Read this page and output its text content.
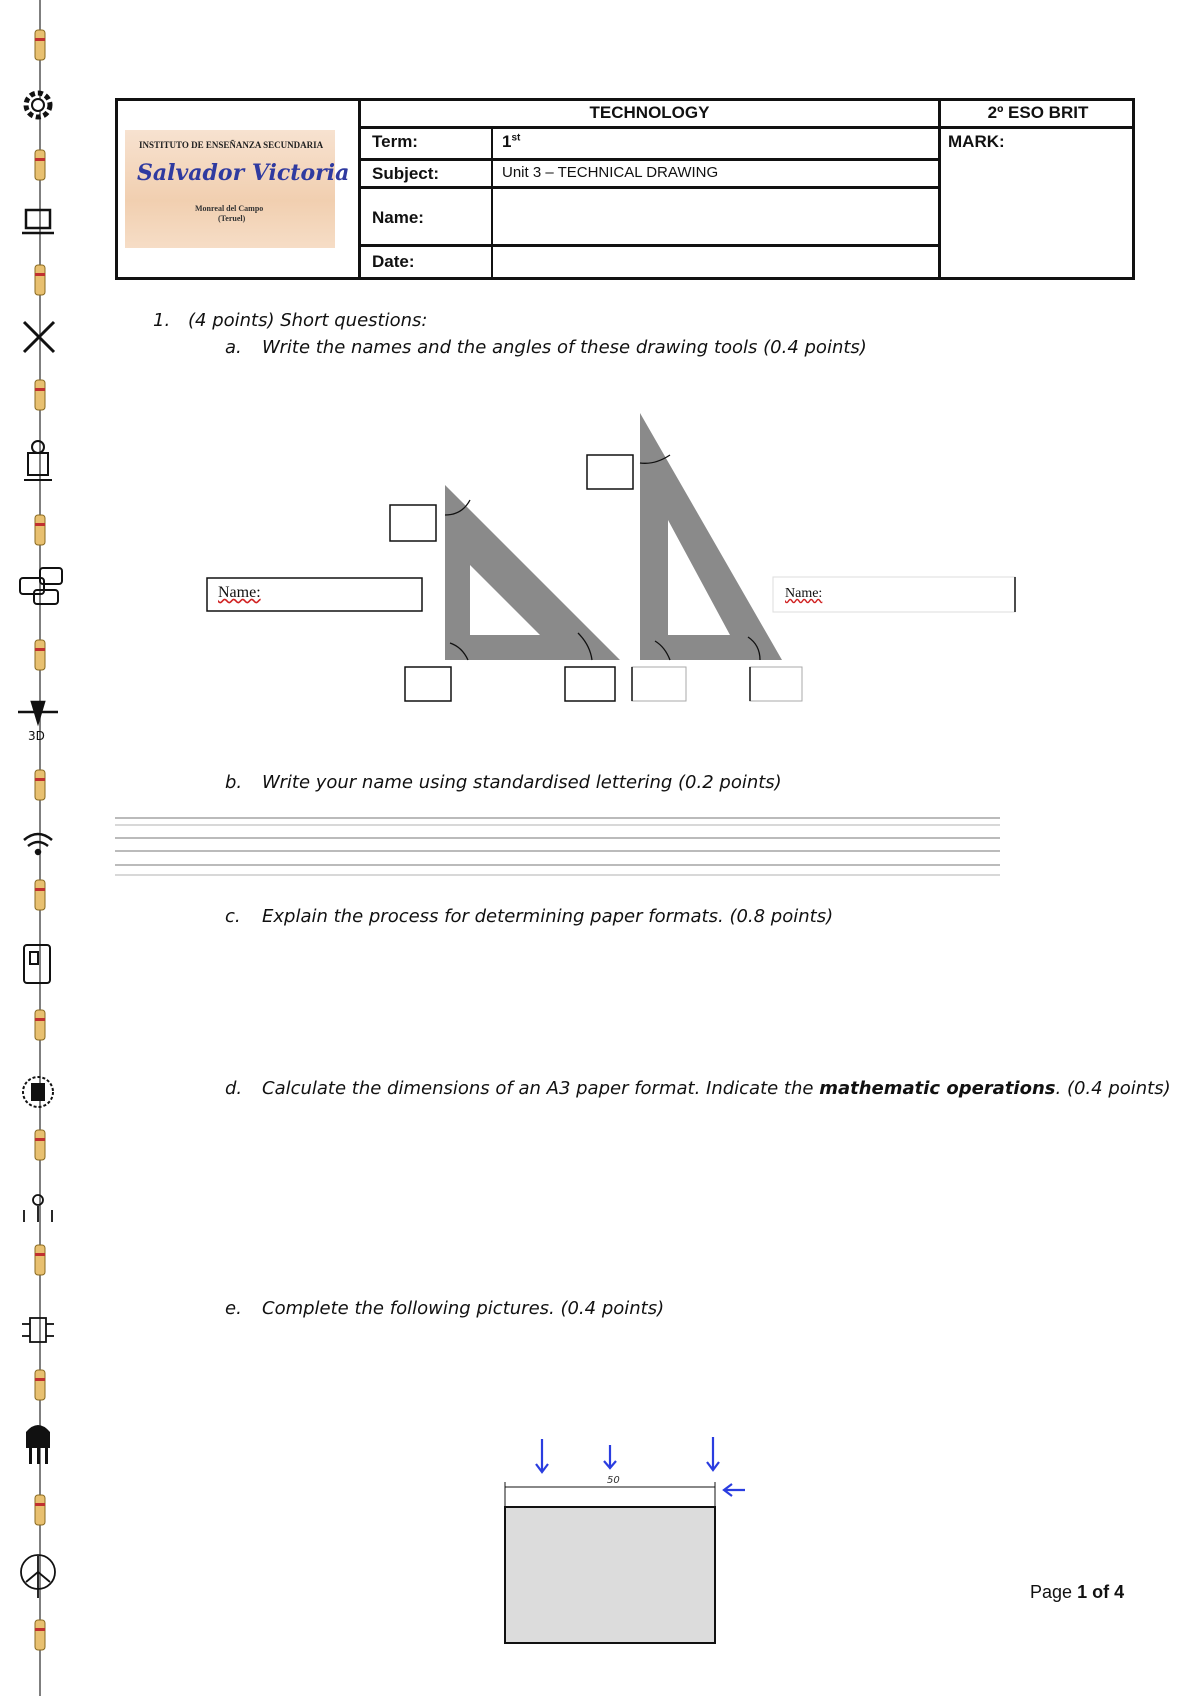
3D
TECHNOLOGY	2º ESO BRIT
MARK:
Term:	1st
Subject:	Unit 3 – TECHNICAL DRAWING
Name:
Date:
INSTITUTO DE ENSEÑANZA SECUNDARIA
Salvador Victoria
Monreal del Campo
(Teruel)
1. (4 points) Short questions:
a. Write the names and the angles of these drawing tools (0.4 points)
Name:	Name:
b. Write your name using standardised lettering (0.2 points)
c. Explain the process for determining paper formats. (0.8 points)
d. Calculate the dimensions of an A3 paper format. Indicate the mathematic operations. (0.4 points)
e. Complete the following pictures. (0.4 points)
50
Page 1 of 4
